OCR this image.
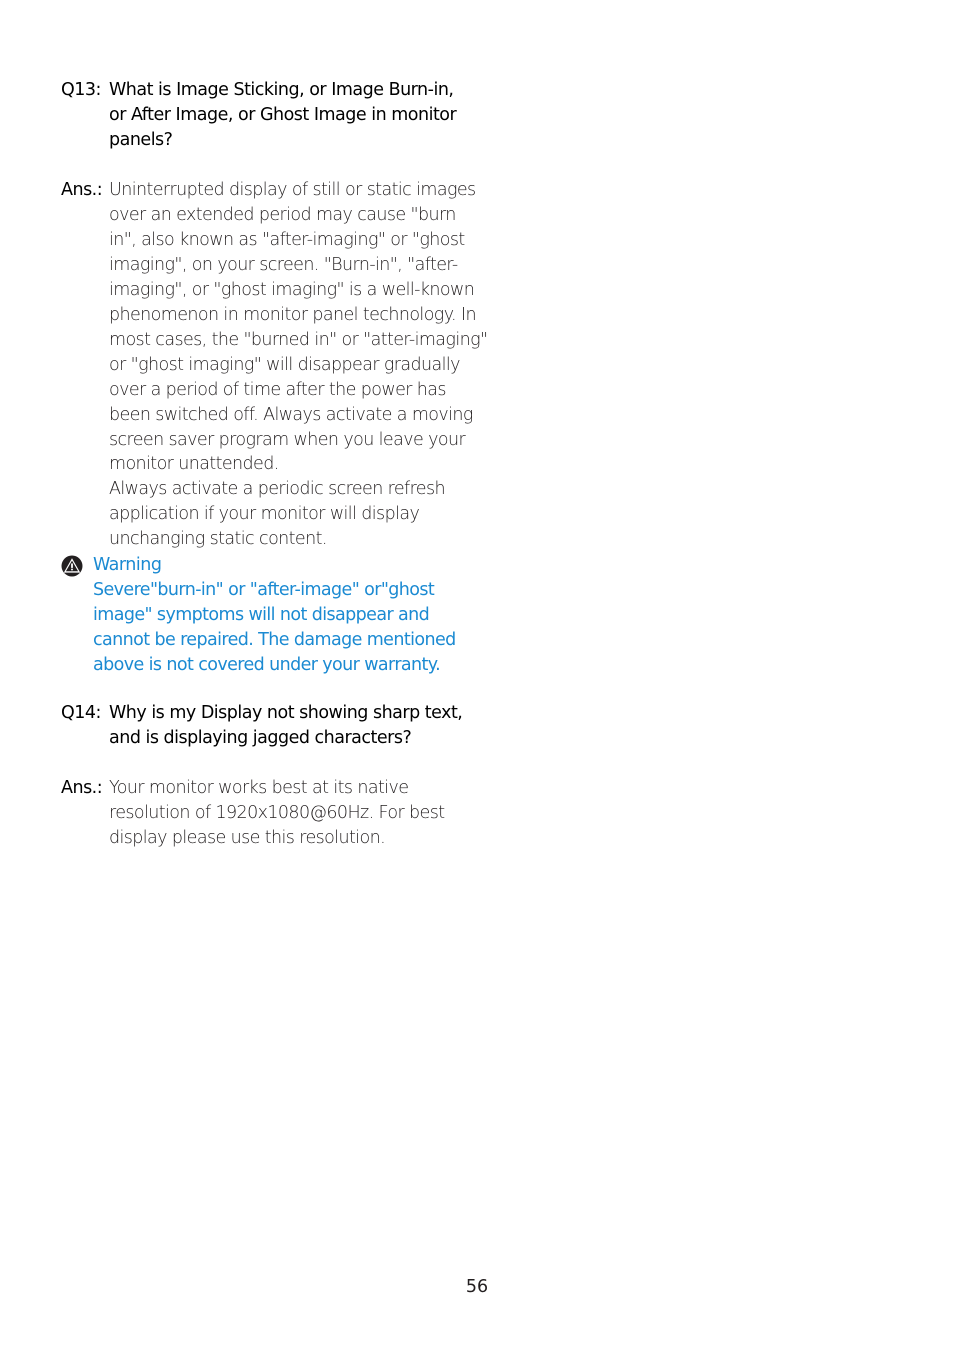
Q13: What is Image Sticking, or Image Burn-in,
or After Image, or Ghost Image in monitor
panels?
Ans.: Uninterrupted display of still or static images
over an extended period may cause "burn
in", also known as "after-imaging" or "ghost
imaging", on your screen. "Burn-in", "after-
imaging", or "ghost imaging" is a well-known
phenomenon in monitor panel technology. In
most cases, the "burned in" or "atter-imaging"
or "ghost imaging" will disappear gradually
over a period of time after the power has
been switched off. Always activate a moving
screen saver program when you leave your
monitor unattended.
Always activate a periodic screen refresh
application if your monitor will display
unchanging static content.
Warning
Severe"burn-in" or "after-image" or"ghost
image" symptoms will not disappear and
cannot be repaired. The damage mentioned
above is not covered under your warranty.
Q14: Why is my Display not showing sharp text,
and is displaying jagged characters?
Ans.: Your monitor works best at its native
resolution of 1920x1080@60Hz. For best
display please use this resolution.
56
